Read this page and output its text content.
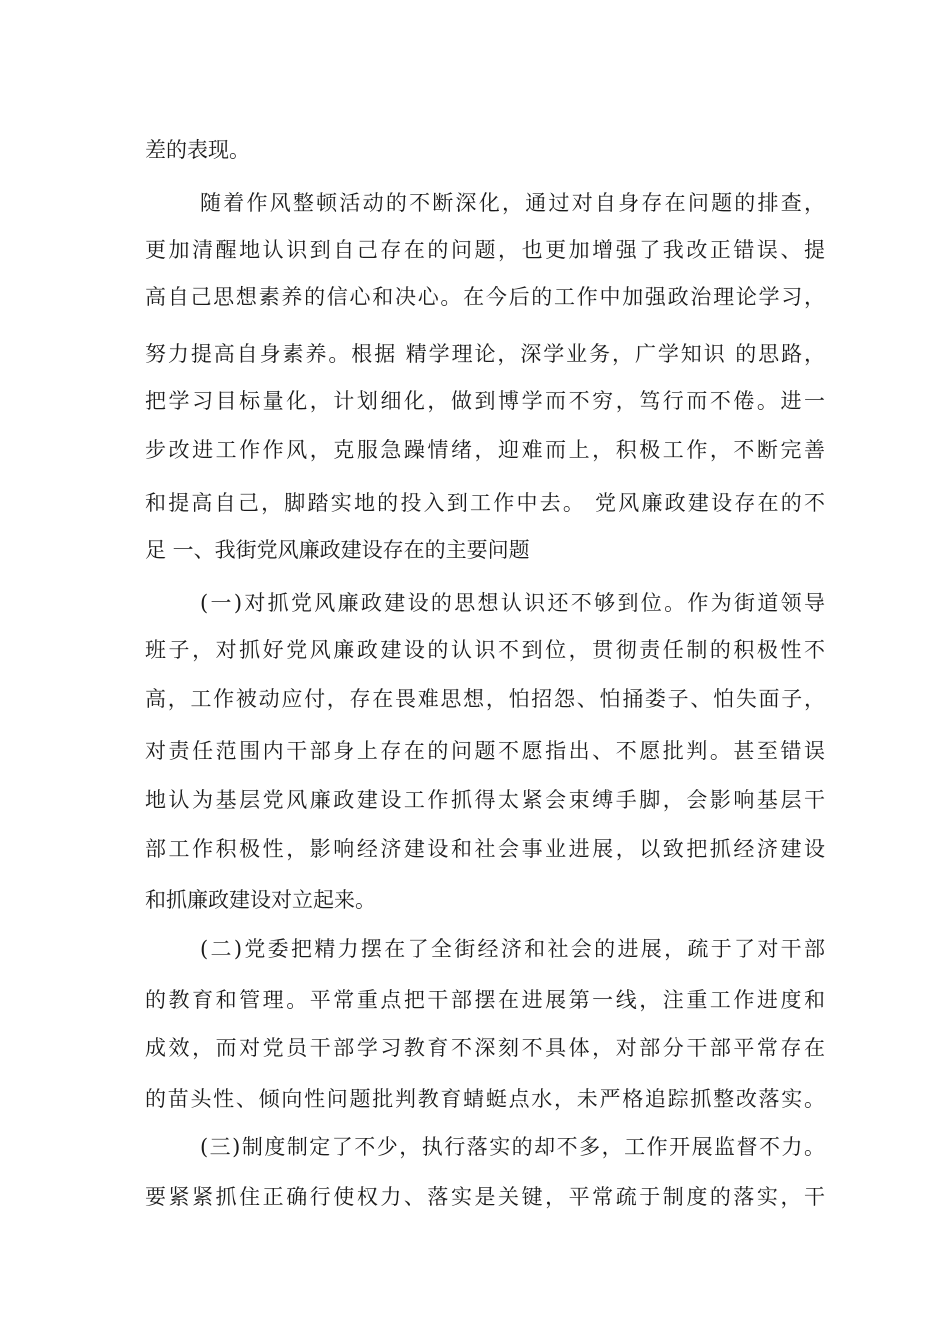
差的表现。
随着作风整顿活动的不断深化，通过对自身存在问题的排查，
更加清醒地认识到自己存在的问题，也更加增强了我改正错误、提
高自己思想素养的信心和决心。在今后的工作中加强政治理论学习，
努力提高自身素养。根据 精学理论，深学业务，广学知识 的思路，
把学习目标量化，计划细化，做到博学而不穷，笃行而不倦。进一
步改进工作作风，克服急躁情绪，迎难而上，积极工作，不断完善
和提高自己，脚踏实地的投入到工作中去。 党风廉政建设存在的不
足 一、我街党风廉政建设存在的主要问题
(一)对抓党风廉政建设的思想认识还不够到位。作为街道领导
班子，对抓好党风廉政建设的认识不到位，贯彻责任制的积极性不
高，工作被动应付，存在畏难思想，怕招怨、怕捅娄子、怕失面子，
对责任范围内干部身上存在的问题不愿指出、不愿批判。甚至错误
地认为基层党风廉政建设工作抓得太紧会束缚手脚，会影响基层干
部工作积极性，影响经济建设和社会事业进展，以致把抓经济建设
和抓廉政建设对立起来。
(二)党委把精力摆在了全街经济和社会的进展，疏于了对干部
的教育和管理。平常重点把干部摆在进展第一线，注重工作进度和
成效，而对党员干部学习教育不深刻不具体，对部分干部平常存在
的苗头性、倾向性问题批判教育蜻蜓点水，未严格追踪抓整改落实。
(三)制度制定了不少，执行落实的却不多，工作开展监督不力。
要紧紧抓住正确行使权力、落实是关键，平常疏于制度的落实，干
